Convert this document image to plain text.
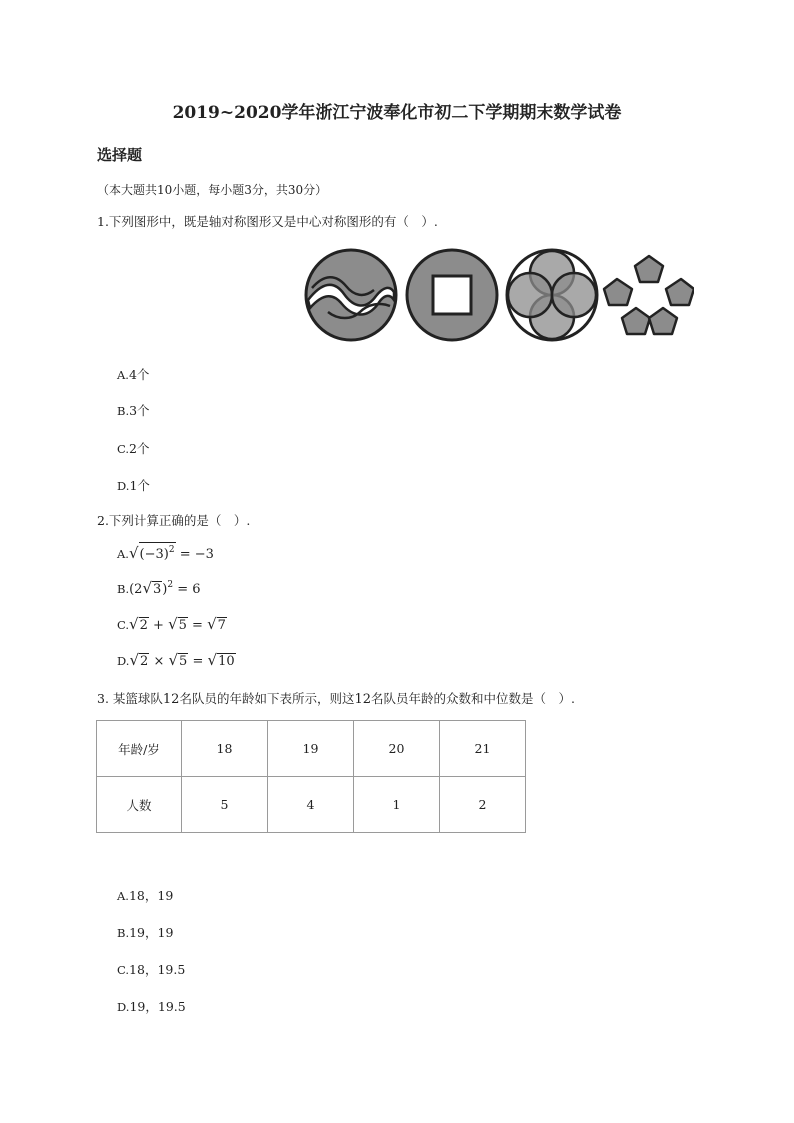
2019~2020学年浙江宁波奉化市初二下学期期末数学试卷
选择题
（本大题共10小题，每小题3分，共30分）
1.下列图形中，既是轴对称图形又是中心对称图形的有（　）.
A.4个
B.3个
C.2个
D.1个
2.下列计算正确的是（　）.
$A.√(-3)^2 = -3$
$B.(2√3)^2 = 6$
C.√2 + √5 = √7
D.√2 × √5 = √10
3. 某篮球队12名队员的年龄如下表所示，则这12名队员年龄的众数和中位数是（　）.
年龄/岁	18	19	20	21
人数	5	4	1	2
A.18，19
B.19，19
C.18，19.5
D.19，19.5
